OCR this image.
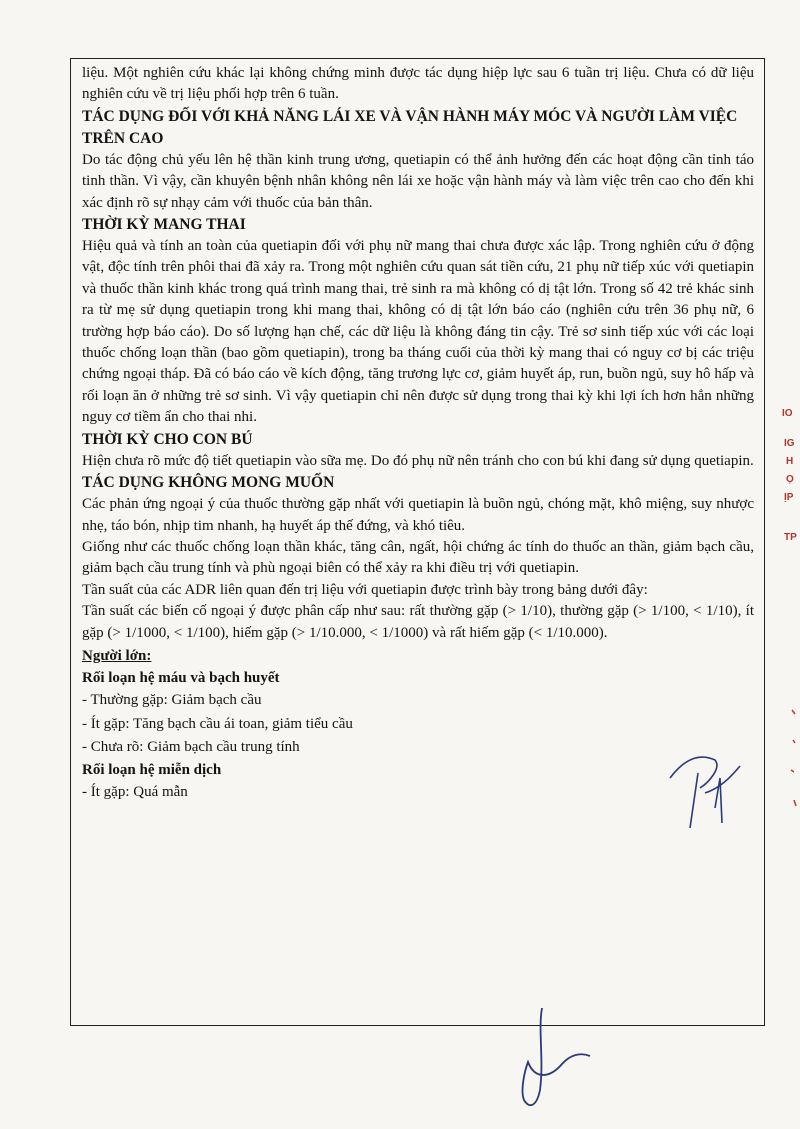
liệu. Một nghiên cứu khác lại không chứng minh được tác dụng hiệp lực sau 6 tuần trị liệu. Chưa có dữ liệu nghiên cứu về trị liệu phối hợp trên 6 tuần.

TÁC DỤNG ĐỐI VỚI KHẢ NĂNG LÁI XE VÀ VẬN HÀNH MÁY MÓC VÀ NGƯỜI LÀM VIỆC TRÊN CAO

Do tác động chủ yếu lên hệ thần kinh trung ương, quetiapin có thể ảnh hưởng đến các hoạt động cần tỉnh táo tinh thần. Vì vậy, cần khuyên bệnh nhân không nên lái xe hoặc vận hành máy và làm việc trên cao cho đến khi xác định rõ sự nhạy cảm với thuốc của bản thân.

THỜI KỲ MANG THAI

Hiệu quả và tính an toàn của quetiapin đối với phụ nữ mang thai chưa được xác lập. Trong nghiên cứu ở động vật, độc tính trên phôi thai đã xảy ra. Trong một nghiên cứu quan sát tiền cứu, 21 phụ nữ tiếp xúc với quetiapin và thuốc thần kinh khác trong quá trình mang thai, trẻ sinh ra mà không có dị tật lớn. Trong số 42 trẻ khác sinh ra từ mẹ sử dụng quetiapin trong khi mang thai, không có dị tật lớn báo cáo (nghiên cứu trên 36 phụ nữ, 6 trường hợp báo cáo). Do số lượng hạn chế, các dữ liệu là không đáng tin cậy. Trẻ sơ sinh tiếp xúc với các loại thuốc chống loạn thần (bao gồm quetiapin), trong ba tháng cuối của thời kỳ mang thai có nguy cơ bị các triệu chứng ngoại tháp. Đã có báo cáo về kích động, tăng trương lực cơ, giảm huyết áp, run, buồn ngủ, suy hô hấp và rối loạn ăn ở những trẻ sơ sinh. Vì vậy quetiapin chỉ nên được sử dụng trong thai kỳ khi lợi ích hơn hẳn những nguy cơ tiềm ẩn cho thai nhi.

THỜI KỲ CHO CON BÚ

Hiện chưa rõ mức độ tiết quetiapin vào sữa mẹ. Do đó phụ nữ nên tránh cho con bú khi đang sử dụng quetiapin.

TÁC DỤNG KHÔNG MONG MUỐN

Các phản ứng ngoại ý của thuốc thường gặp nhất với quetiapin là buồn ngủ, chóng mặt, khô miệng, suy nhược nhẹ, táo bón, nhịp tim nhanh, hạ huyết áp thế đứng, và khó tiêu.

Giống như các thuốc chống loạn thần khác, tăng cân, ngất, hội chứng ác tính do thuốc an thần, giảm bạch cầu, giảm bạch cầu trung tính và phù ngoại biên có thể xảy ra khi điều trị với quetiapin.

Tần suất của các ADR liên quan đến trị liệu với quetiapin được trình bày trong bảng dưới đây:

Tần suất các biến cố ngoại ý được phân cấp như sau: rất thường gặp (> 1/10), thường gặp (> 1/100, < 1/10), ít gặp (> 1/1000, < 1/100), hiếm gặp (> 1/10.000, < 1/1000) và rất hiếm gặp (< 1/10.000).

Người lớn:

Rối loạn hệ máu và bạch huyết

- Thường gặp: Giảm bạch cầu

- Ít gặp: Tăng bạch cầu ái toan, giảm tiểu cầu

- Chưa rõ: Giảm bạch cầu trung tính

Rối loạn hệ miễn dịch

- Ít gặp: Quá mẫn

IO
IG
H
Ọ
ỊP
TP
